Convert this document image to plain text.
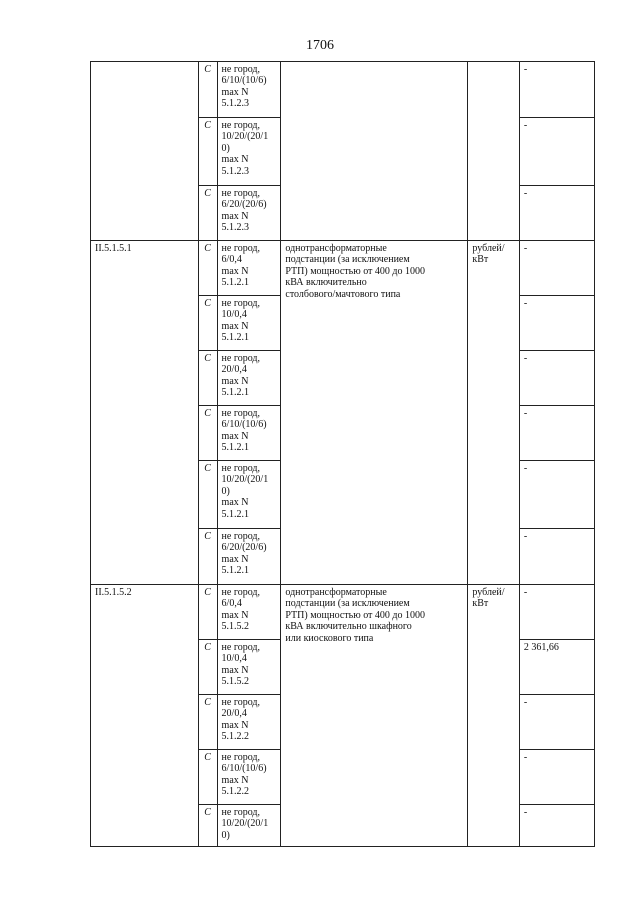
1706
	C	не город,
6/10/(10/6)
max N
5.1.2.3			-
	C	не город,
10/20/(20/1
0)
max N
5.1.2.3			-
	C	не город,
6/20/(20/6)
max N
5.1.2.3			-

II.5.1.5.1	C	не город,
6/0,4
max N
5.1.2.1	однотрансформаторные
подстанции (за исключением
РТП) мощностью от 400 до 1000
кВА включительно
столбового/мачтового типа	рублей/
кВт	-
	C	не город,
10/0,4
max N
5.1.2.1			-
	C	не город,
20/0,4
max N
5.1.2.1			-
	C	не город,
6/10/(10/6)
max N
5.1.2.1			-
	C	не город,
10/20/(20/1
0)
max N
5.1.2.1			-
	C	не город,
6/20/(20/6)
max N
5.1.2.1			-

II.5.1.5.2	C	не город,
6/0,4
max N
5.1.5.2	однотрансформаторные
подстанции (за исключением
РТП) мощностью от 400 до 1000
кВА включительно шкафного
или киоскового типа	рублей/
кВт	-
	C	не город,
10/0,4
max N
5.1.5.2			2 361,66
	C	не город,
20/0,4
max N
5.1.2.2			-
	C	не город,
6/10/(10/6)
max N
5.1.2.2			-
	C	не город,
10/20/(20/1
0)			-
